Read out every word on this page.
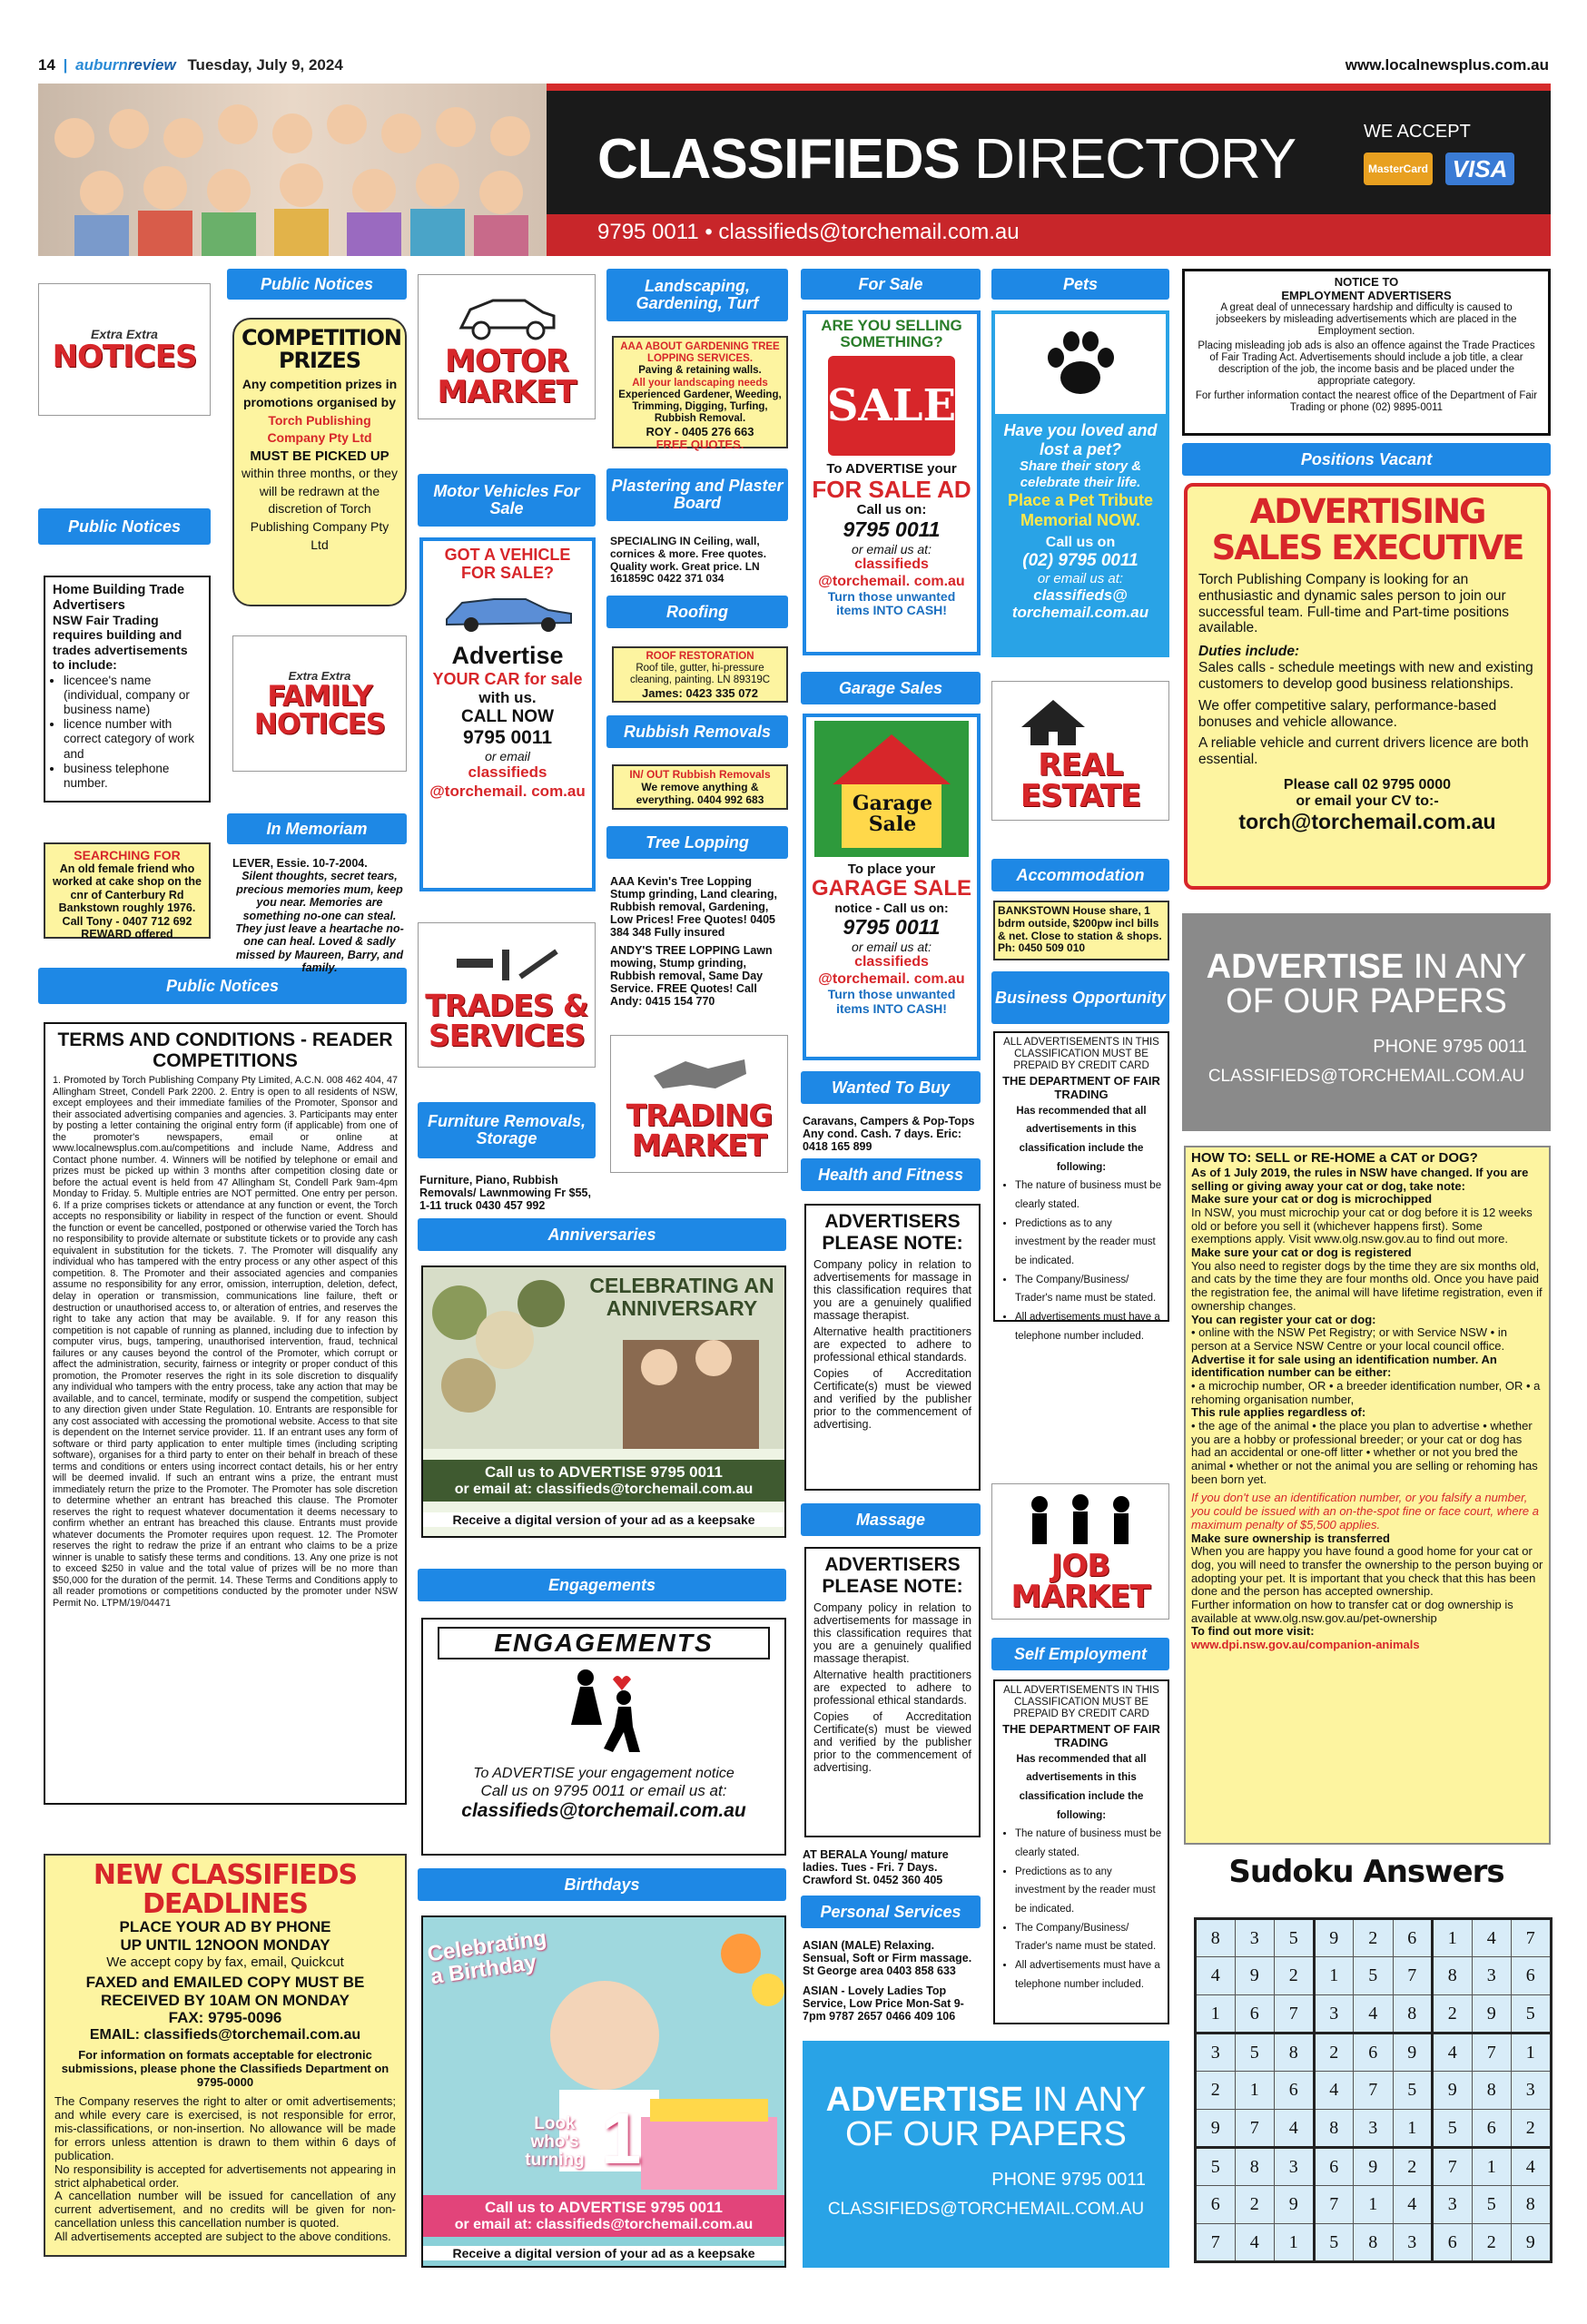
14 | auburnreview Tuesday, July 9, 2024	www.localnewsplus.com.au
CLASSIFIEDS DIRECTORY
9795 0011 • classifieds@torchemail.com.au
WE ACCEPT
MasterCard VISA
Extra Extra
NOTICES
Public Notices
Home Building Trade Advertisers
NSW Fair Trading requires building and trades advertisements to include:
• licencee's name (individual, company or business name)
• licence number with correct category of work and
• business telephone number.
SEARCHING FOR
An old female friend who worked at cake shop on the cnr of Canterbury Rd Bankstown roughly 1976.
Call Tony - 0407 712 692
REWARD offered
Public Notices
TERMS AND CONDITIONS - READER COMPETITIONS
1. Promoted by Torch Publishing Company Pty Limited, A.C.N. 008 462 404, 47 Allingham Street, Condell Park 2200. 2. Entry is open to all residents of NSW, except employees and their immediate families of the Promoter, Sponsor and their associated advertising companies and agencies. 3. Participants may enter by posting a letter containing the original entry form (if applicable) from one of the promoter's newspapers, email or online at www.localnewsplus.com.au/competitions and include Name, Address and Contact phone number. 4. Winners will be notified by telephone or email and prizes must be picked up within 3 months after competition closing date or before the actual event is held from 47 Allingham St, Condell Park 9am-4pm Monday to Friday. 5. Multiple entries are NOT permitted. One entry per person. 6. If a prize comprises tickets or attendance at any function or event, the Torch accepts no responsibility or liability in respect of the function or event. Should the function or event be cancelled, postponed or otherwise varied the Torch has no responsibility to provide alternate or substitute tickets or to provide any cash equivalent in substitution for the tickets. 7. The Promoter will disqualify any individual who has tampered with the entry process or any other aspect of this competition. 8. The Promoter and their associated agencies and companies assume no responsibility for any error, omission, interruption, deletion, defect, delay in operation or transmission, communications line failure, theft or destruction or unauthorised access to, or alteration of entries, and reserves the right to take any action that may be available. 9. If for any reason this competition is not capable of running as planned, including due to infection by computer virus, bugs, tampering, unauthorised intervention, fraud, technical failures or any causes beyond the control of the Promoter, which corrupt or affect the administration, security, fairness or integrity or proper conduct of this promotion, the Promoter reserves the right in its sole discretion to disqualify any individual who tampers with the entry process, take any action that may be available, and to cancel, terminate, modify or suspend the competition, subject to any direction given under State Regulation. 10. Entrants are responsible for any cost associated with accessing the promotional website. Access to that site is dependent on the Internet service provider. 11. If an entrant uses any form of software or third party application to enter multiple times (including scripting software), organises for a third party to enter on their behalf in breach of these terms and conditions or enters using incorrect contact details, his or her entry will be deemed invalid. If such an entrant wins a prize, the entrant must immediately return the prize to the Promoter. The Promoter has sole discretion to determine whether an entrant has breached this clause. The Promoter reserves the right to request whatever documentation it deems necessary to confirm whether an entrant has breached this clause. Entrants must provide whatever documents the Promoter requires upon request. 12. The Promoter reserves the right to redraw the prize if an entrant who claims to be a prize winner is unable to satisfy these terms and conditions. 13. Any one prize is not to exceed $250 in value and the total value of prizes will be no more than $50,000 for the duration of the permit. 14. These Terms and Conditions apply to all reader promotions or competitions conducted by the promoter under NSW Permit No. LTPM/19/04471
NEW CLASSIFIEDS DEADLINES
PLACE YOUR AD BY PHONE
UP UNTIL 12NOON MONDAY
We accept copy by fax, email, Quickcut
FAXED and EMAILED COPY MUST BE RECEIVED BY 10AM ON MONDAY
FAX: 9795-0096
EMAIL: classifieds@torchemail.com.au
For information on formats acceptable for electronic submissions, please phone the Classifieds Department on 9795-0000
The Company reserves the right to alter or omit advertisements; and while every care is exercised, is not responsible for error, mis-classifications, or non-insertion. No allowance will be made for errors unless attention is drawn to them within 6 days of publication.
No responsibility is accepted for advertisements not appearing in strict alphabetical order.
A cancellation number will be issued for cancellation of any current advertisement, and no credits will be given for non-cancellation unless this cancellation number is quoted.
All advertisements accepted are subject to the above conditions.
Public Notices
COMPETITION PRIZES
Any competition prizes in promotions organised by
Torch Publishing Company Pty Ltd
MUST BE PICKED UP
within three months, or they will be redrawn at the discretion of Torch Publishing Company Pty Ltd
Extra Extra
FAMILY NOTICES
In Memoriam
LEVER, Essie. 10-7-2004.
Silent thoughts, secret tears, precious memories mum, keep you near. Memories are something no-one can steal. They just leave a heartache no-one can heal. Loved & sadly missed by Maureen, Barry, and family.
MOTOR MARKET
Motor Vehicles For Sale
GOT A VEHICLE FOR SALE?
Advertise
YOUR CAR for sale
with us.
CALL NOW
9795 0011
or email
classifieds @torchemail. com.au
TRADES & SERVICES
Furniture Removals, Storage
Furniture, Piano, Rubbish Removals/ Lawnmowing Fr $55, 1-11 truck 0430 457 992
Anniversaries
CELEBRATING AN ANNIVERSARY
Call us to ADVERTISE 9795 0011
or email at: classifieds@torchemail.com.au
Receive a digital version of your ad as a keepsake
Engagements
ENGAGEMENTS
To ADVERTISE your engagement notice
Call us on 9795 0011 or email us at:
classifieds@torchemail.com.au
Birthdays
Celebrating a Birthday
Look who's turning 1
Call us to ADVERTISE 9795 0011
or email at: classifieds@torchemail.com.au
Receive a digital version of your ad as a keepsake
Landscaping, Gardening, Turf
AAA ABOUT GARDENING TREE LOPPING SERVICES.
Paving & retaining walls.
All your landscaping needs
Experienced Gardener, Weeding, Trimming, Digging, Turfing, Rubbish Removal.
ROY - 0405 276 663
FREE QUOTES.
Plastering and Plaster Board
SPECIALING IN Ceiling, wall, cornices & more. Free quotes. Quality work. Great price. LN 161859C 0422 371 034
Roofing
ROOF RESTORATION
Roof tile, gutter, hi-pressure cleaning, painting. LN 89319C
James: 0423 335 072
Rubbish Removals
IN/ OUT Rubbish Removals
We remove anything & everything. 0404 992 683
Tree Lopping
AAA Kevin's Tree Lopping Stump grinding, Land clearing, Rubbish removal, Gardening, Low Prices! Free Quotes! 0405 384 348 Fully insured
ANDY'S TREE LOPPING Lawn mowing, Stump grinding, Rubbish removal, Same Day Service. FREE Quotes! Call Andy: 0415 154 770
TRADING MARKET
For Sale
ARE YOU SELLING SOMETHING?
SALE
To ADVERTISE your
FOR SALE AD
Call us on:
9795 0011
or email us at:
classifieds @torchemail. com.au
Turn those unwanted items INTO CASH!
Garage Sales
Garage Sale
To place your
GARAGE SALE
notice - Call us on:
9795 0011
or email us at:
classifieds @torchemail. com.au
Turn those unwanted items INTO CASH!
Wanted To Buy
Caravans, Campers & Pop-Tops Any cond. Cash. 7 days. Eric: 0418 165 899
Health and Fitness
ADVERTISERS
PLEASE NOTE:
Company policy in relation to advertisements for massage in this classification requires that you are a genuinely qualified massage therapist.
Alternative health practitioners are expected to adhere to professional ethical standards.
Copies of Accreditation Certificate(s) must be viewed and verified by the publisher prior to the commencement of advertising.
Massage
ADVERTISERS
PLEASE NOTE:
Company policy in relation to advertisements for massage in this classification requires that you are a genuinely qualified massage therapist.
Alternative health practitioners are expected to adhere to professional ethical standards.
Copies of Accreditation Certificate(s) must be viewed and verified by the publisher prior to the commencement of advertising.
AT BERALA Young/ mature ladies. Tues - Fri. 7 Days. Crawford St. 0452 360 405
Personal Services
ASIAN (MALE) Relaxing. Sensual, Soft or Firm massage. St George area 0403 858 633
ASIAN - Lovely Ladies Top Service, Low Price Mon-Sat 9-7pm 9787 2657 0466 409 106
ADVERTISE IN ANY
OF OUR PAPERS
PHONE 9795 0011
CLASSIFIEDS@TORCHEMAIL.COM.AU
Pets
Have you loved and lost a pet?
Share their story & celebrate their life.
Place a Pet Tribute Memorial NOW.
Call us on
(02) 9795 0011
or email us at:
classifieds@ torchemail.com.au
REAL ESTATE
Accommodation
BANKSTOWN House share, 1 bdrm outside, $200pw incl bills & net. Close to station & shops. Ph: 0450 509 010
Business Opportunity
ALL ADVERTISEMENTS IN THIS CLASSIFICATION MUST BE PREPAID BY CREDIT CARD
THE DEPARTMENT OF FAIR TRADING
Has recommended that all advertisements in this classification include the following:
• The nature of business must be clearly stated.
• Predictions as to any investment by the reader must be indicated.
• The Company/Business/ Trader's name must be stated.
• All advertisements must have a telephone number included.
JOB MARKET
Self Employment
ALL ADVERTISEMENTS IN THIS CLASSIFICATION MUST BE PREPAID BY CREDIT CARD
THE DEPARTMENT OF FAIR TRADING
Has recommended that all advertisements in this classification include the following:
• The nature of business must be clearly stated.
• Predictions as to any investment by the reader must be indicated.
• The Company/Business/ Trader's name must be stated.
• All advertisements must have a telephone number included.
NOTICE TO
EMPLOYMENT ADVERTISERS
A great deal of unnecessary hardship and difficulty is caused to jobseekers by misleading advertisements which are placed in the Employment section.
Placing misleading job ads is also an offence against the Trade Practices of Fair Trading Act. Advertisements should include a job title, a clear description of the job, the income basis and be placed under the appropriate category.
For further information contact the nearest office of the Department of Fair Trading or phone (02) 9895-0011
Positions Vacant
ADVERTISING SALES EXECUTIVE
Torch Publishing Company is looking for an enthusiastic and dynamic sales person to join our successful team. Full-time and Part-time positions available.
Duties include:
Sales calls - schedule meetings with new and existing customers to develop good business relationships.
We offer competitive salary, performance-based bonuses and vehicle allowance.
A reliable vehicle and current drivers licence are both essential.
Please call 02 9795 0000
or email your CV to:-
torch@torchemail.com.au
ADVERTISE IN ANY
OF OUR PAPERS
PHONE 9795 0011
CLASSIFIEDS@TORCHEMAIL.COM.AU
HOW TO: SELL or RE-HOME a CAT or DOG?
As of 1 July 2019, the rules in NSW have changed. If you are selling or giving away your cat or dog, take note:
Make sure your cat or dog is microchipped
In NSW, you must microchip your cat or dog before it is 12 weeks old or before you sell it (whichever happens first). Some exemptions apply. Visit www.olg.nsw.gov.au to find out more.
Make sure your cat or dog is registered
You also need to register dogs by the time they are six months old, and cats by the time they are four months old. Once you have paid the registration fee, the animal will have lifetime registration, even if ownership changes.
You can register your cat or dog:
• online with the NSW Pet Registry; or with Service NSW • in person at a Service NSW Centre or your local council office.
Advertise it for sale using an identification number. An identification number can be either:
• a microchip number, OR • a breeder identification number, OR • a rehoming organisation number,
This rule applies regardless of:
• the age of the animal • the place you plan to advertise • whether you are a hobby or professional breeder; or your cat or dog has had an accidental or one-off litter • whether or not you bred the animal • whether or not the animal you are selling or rehoming has been born yet.
If you don't use an identification number, or you falsify a number, you could be issued with an on-the-spot fine or face court, where a maximum penalty of $5,500 applies.
Make sure ownership is transferred
When you are happy you have found a good home for your cat or dog, you will need to transfer the ownership to the person buying or adopting your pet. It is important that you check that this has been done and the person has accepted ownership.
Further information on how to transfer cat or dog ownership is available at www.olg.nsw.gov.au/pet-ownership
To find out more visit:
www.dpi.nsw.gov.au/companion-animals
Sudoku Answers
8	3	5	9	2	6	1	4	7
4	9	2	1	5	7	8	3	6
1	6	7	3	4	8	2	9	5
3	5	8	2	6	9	4	7	1
2	1	6	4	7	5	9	8	3
9	7	4	8	3	1	5	6	2
5	8	3	6	9	2	7	1	4
6	2	9	7	1	4	3	5	8
7	4	1	5	8	3	6	2	9
